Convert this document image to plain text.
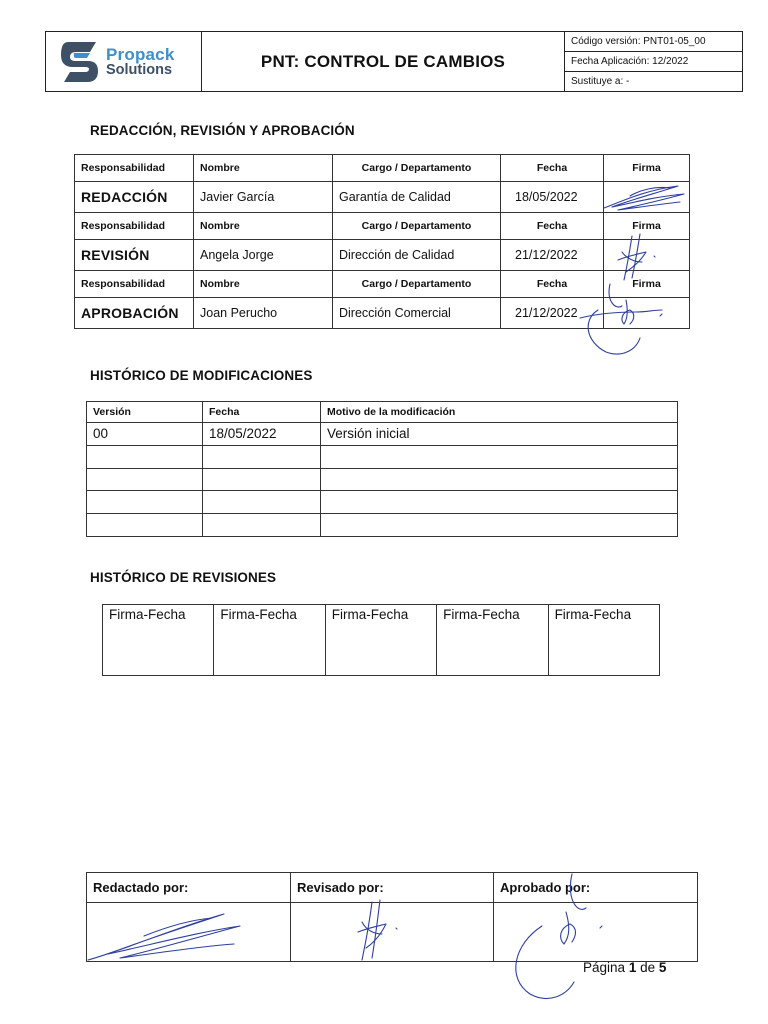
Propack
Solutions	PNT: CONTROL DE CAMBIOS
Código versión: PNT01-05_00
Fecha Aplicación: 12/2022
Sustituye a: -
REDACCIÓN, REVISIÓN Y APROBACIÓN
Responsabilidad	Nombre	Cargo / Departamento	Fecha	Firma
REDACCIÓN	Javier García	Garantía de Calidad	18/05/2022	
Responsabilidad	Nombre	Cargo / Departamento	Fecha	Firma
REVISIÓN	Angela Jorge	Dirección de Calidad	21/12/2022	
Responsabilidad	Nombre	Cargo / Departamento	Fecha	Firma
APROBACIÓN	Joan Perucho	Dirección Comercial	21/12/2022	
HISTÓRICO DE MODIFICACIONES
Versión	Fecha	Motivo de la modificación
00	18/05/2022	Versión inicial

HISTÓRICO DE REVISIONES
Firma-Fecha	Firma-Fecha	Firma-Fecha	Firma-Fecha	Firma-Fecha
Redactado por:	Revisado por:	Aprobado por:

Página 1 de 5
